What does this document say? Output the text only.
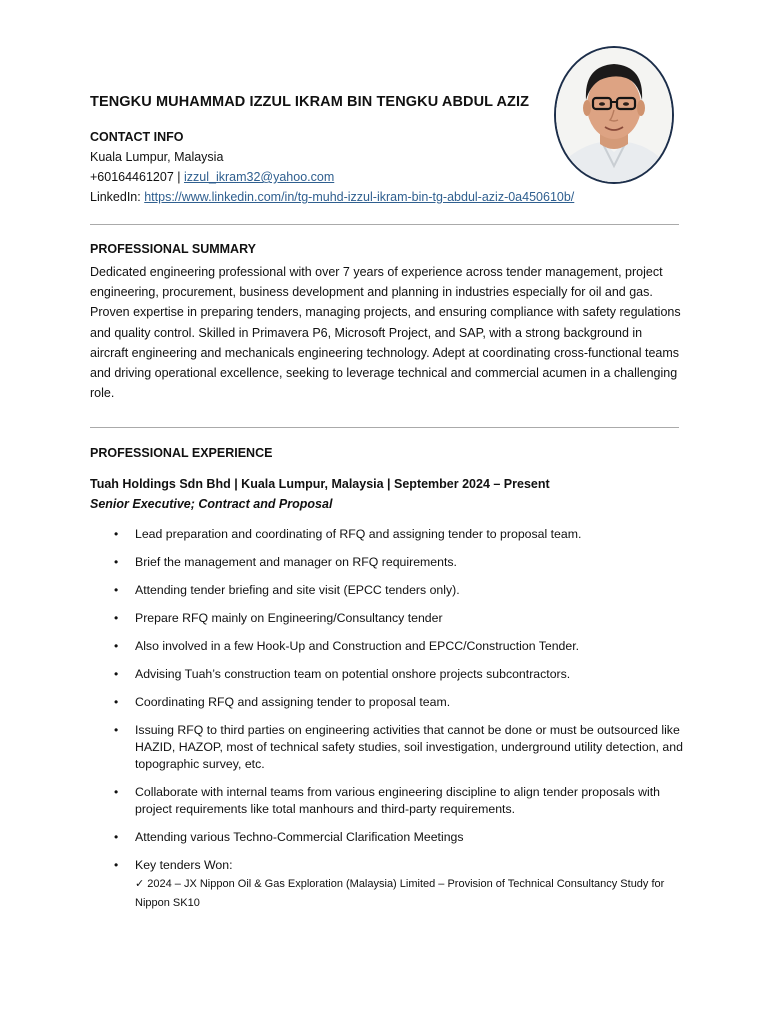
TENGKU MUHAMMAD IZZUL IKRAM BIN TENGKU ABDUL AZIZ
CONTACT INFO
Kuala Lumpur, Malaysia
+60164461207 | izzul_ikram32@yahoo.com
LinkedIn: https://www.linkedin.com/in/tg-muhd-izzul-ikram-bin-tg-abdul-aziz-0a450610b/
PROFESSIONAL SUMMARY

Dedicated engineering professional with over 7 years of experience across tender management, project engineering, procurement, business development and planning in industries especially for oil and gas. Proven expertise in preparing tenders, managing projects, and ensuring compliance with safety regulations and quality control. Skilled in Primavera P6, Microsoft Project, and SAP, with a strong background in aircraft engineering and mechanicals engineering technology. Adept at coordinating cross-functional teams and driving operational excellence, seeking to leverage technical and commercial acumen in a challenging role.

PROFESSIONAL EXPERIENCE
Tuah Holdings Sdn Bhd | Kuala Lumpur, Malaysia | September 2024 – Present
Senior Executive; Contract and Proposal
• Lead preparation and coordinating of RFQ and assigning tender to proposal team.
• Brief the management and manager on RFQ requirements.
• Attending tender briefing and site visit (EPCC tenders only).
• Prepare RFQ mainly on Engineering/Consultancy tender
• Also involved in a few Hook-Up and Construction and EPCC/Construction Tender.
• Advising Tuah’s construction team on potential onshore projects subcontractors.
• Coordinating RFQ and assigning tender to proposal team.
• Issuing RFQ to third parties on engineering activities that cannot be done or must be outsourced like HAZID, HAZOP, most of technical safety studies, soil investigation, underground utility detection, and topographic survey, etc.
• Collaborate with internal teams from various engineering discipline to align tender proposals with project requirements like total manhours and third-party requirements.
• Attending various Techno-Commercial Clarification Meetings
• Key tenders Won:
✓ 2024 – JX Nippon Oil & Gas Exploration (Malaysia) Limited – Provision of Technical Consultancy Study for Nippon SK10
